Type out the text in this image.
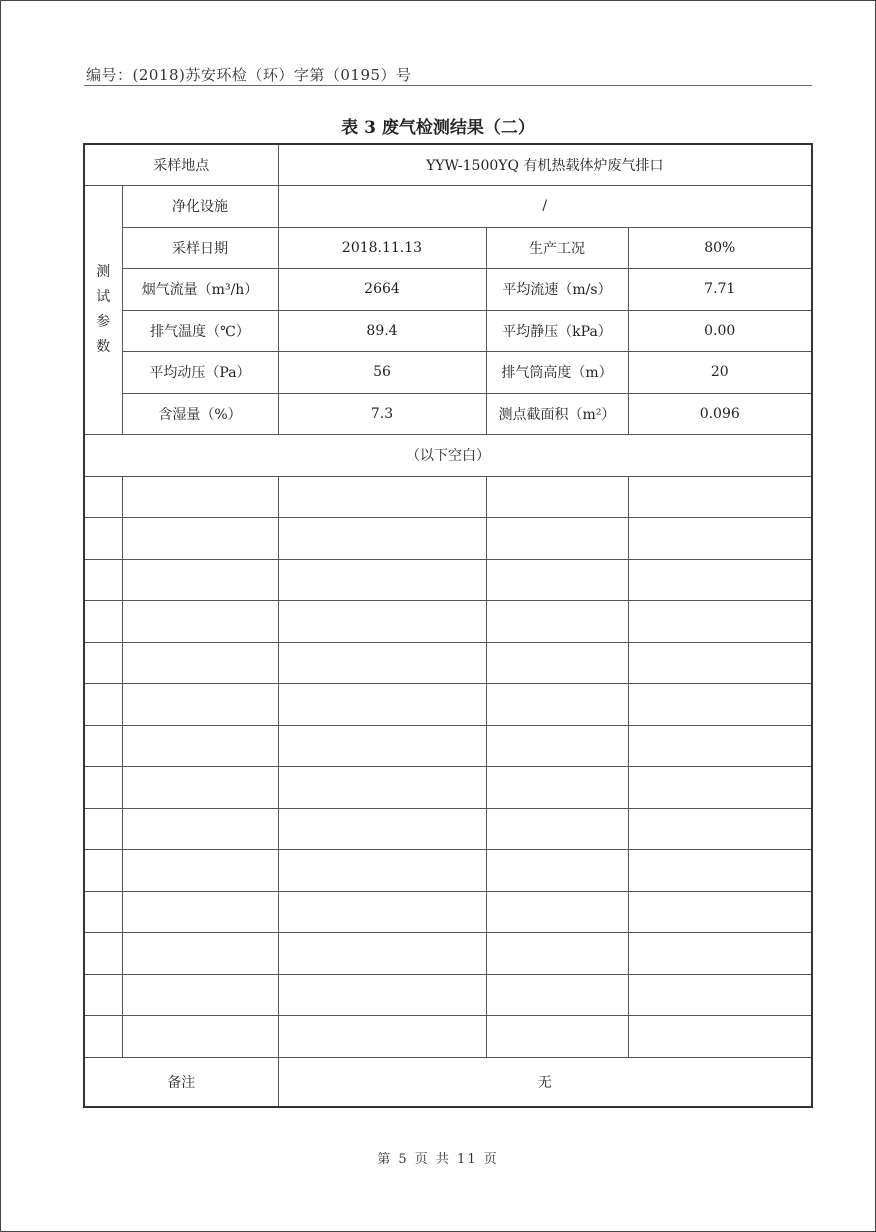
编号：(2018)苏安环检（环）字第（0195）号
表 3 废气检测结果（二）
采样地点		YYW-1500YQ 有机热载体炉废气排口		

测
试
参
数	净化设施	/		
	采样日期	2018.11.13	生产工况	80%
	烟气流量（m³/h）	2664	平均流速（m/s）	7.71
	排气温度（℃）	89.4	平均静压（kPa）	0.00
	平均动压（Pa）	56	排气筒高度（m）	20
	含湿量（%）	7.3	测点截面积（m²）	0.096
（以下空白）				

备注		无		
第 5 页 共 11 页
